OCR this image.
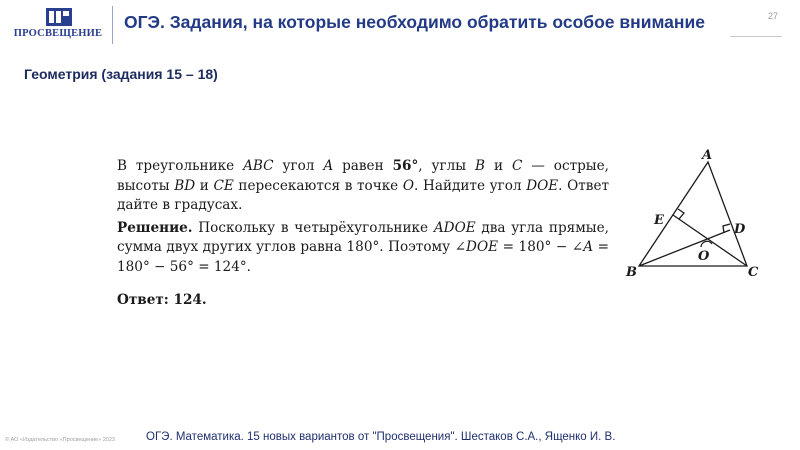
ПРОСВЕЩЕНИЕ
ОГЭ. Задания, на которые необходимо обратить особое внимание	27
Геометрия (задания 15 – 18)

В треугольнике ABC угол A равен 56°, углы B и C — острые, высоты BD и CE пересекаются в точке O. Найдите угол DOE. Ответ дайте в градусах.

Решение. Поскольку в четырёхугольнике ADOE два угла прямые, сумма двух других углов равна 180°. Поэтому ∠DOE = 180° − ∠A = 180° − 56° = 124°.

Ответ: 124.

A
B	C
D
E
O
© АО «Издательство «Просвещение» 2023	ОГЭ. Математика. 15 новых вариантов от "Просвещения". Шестаков С.А., Ященко И. В.
